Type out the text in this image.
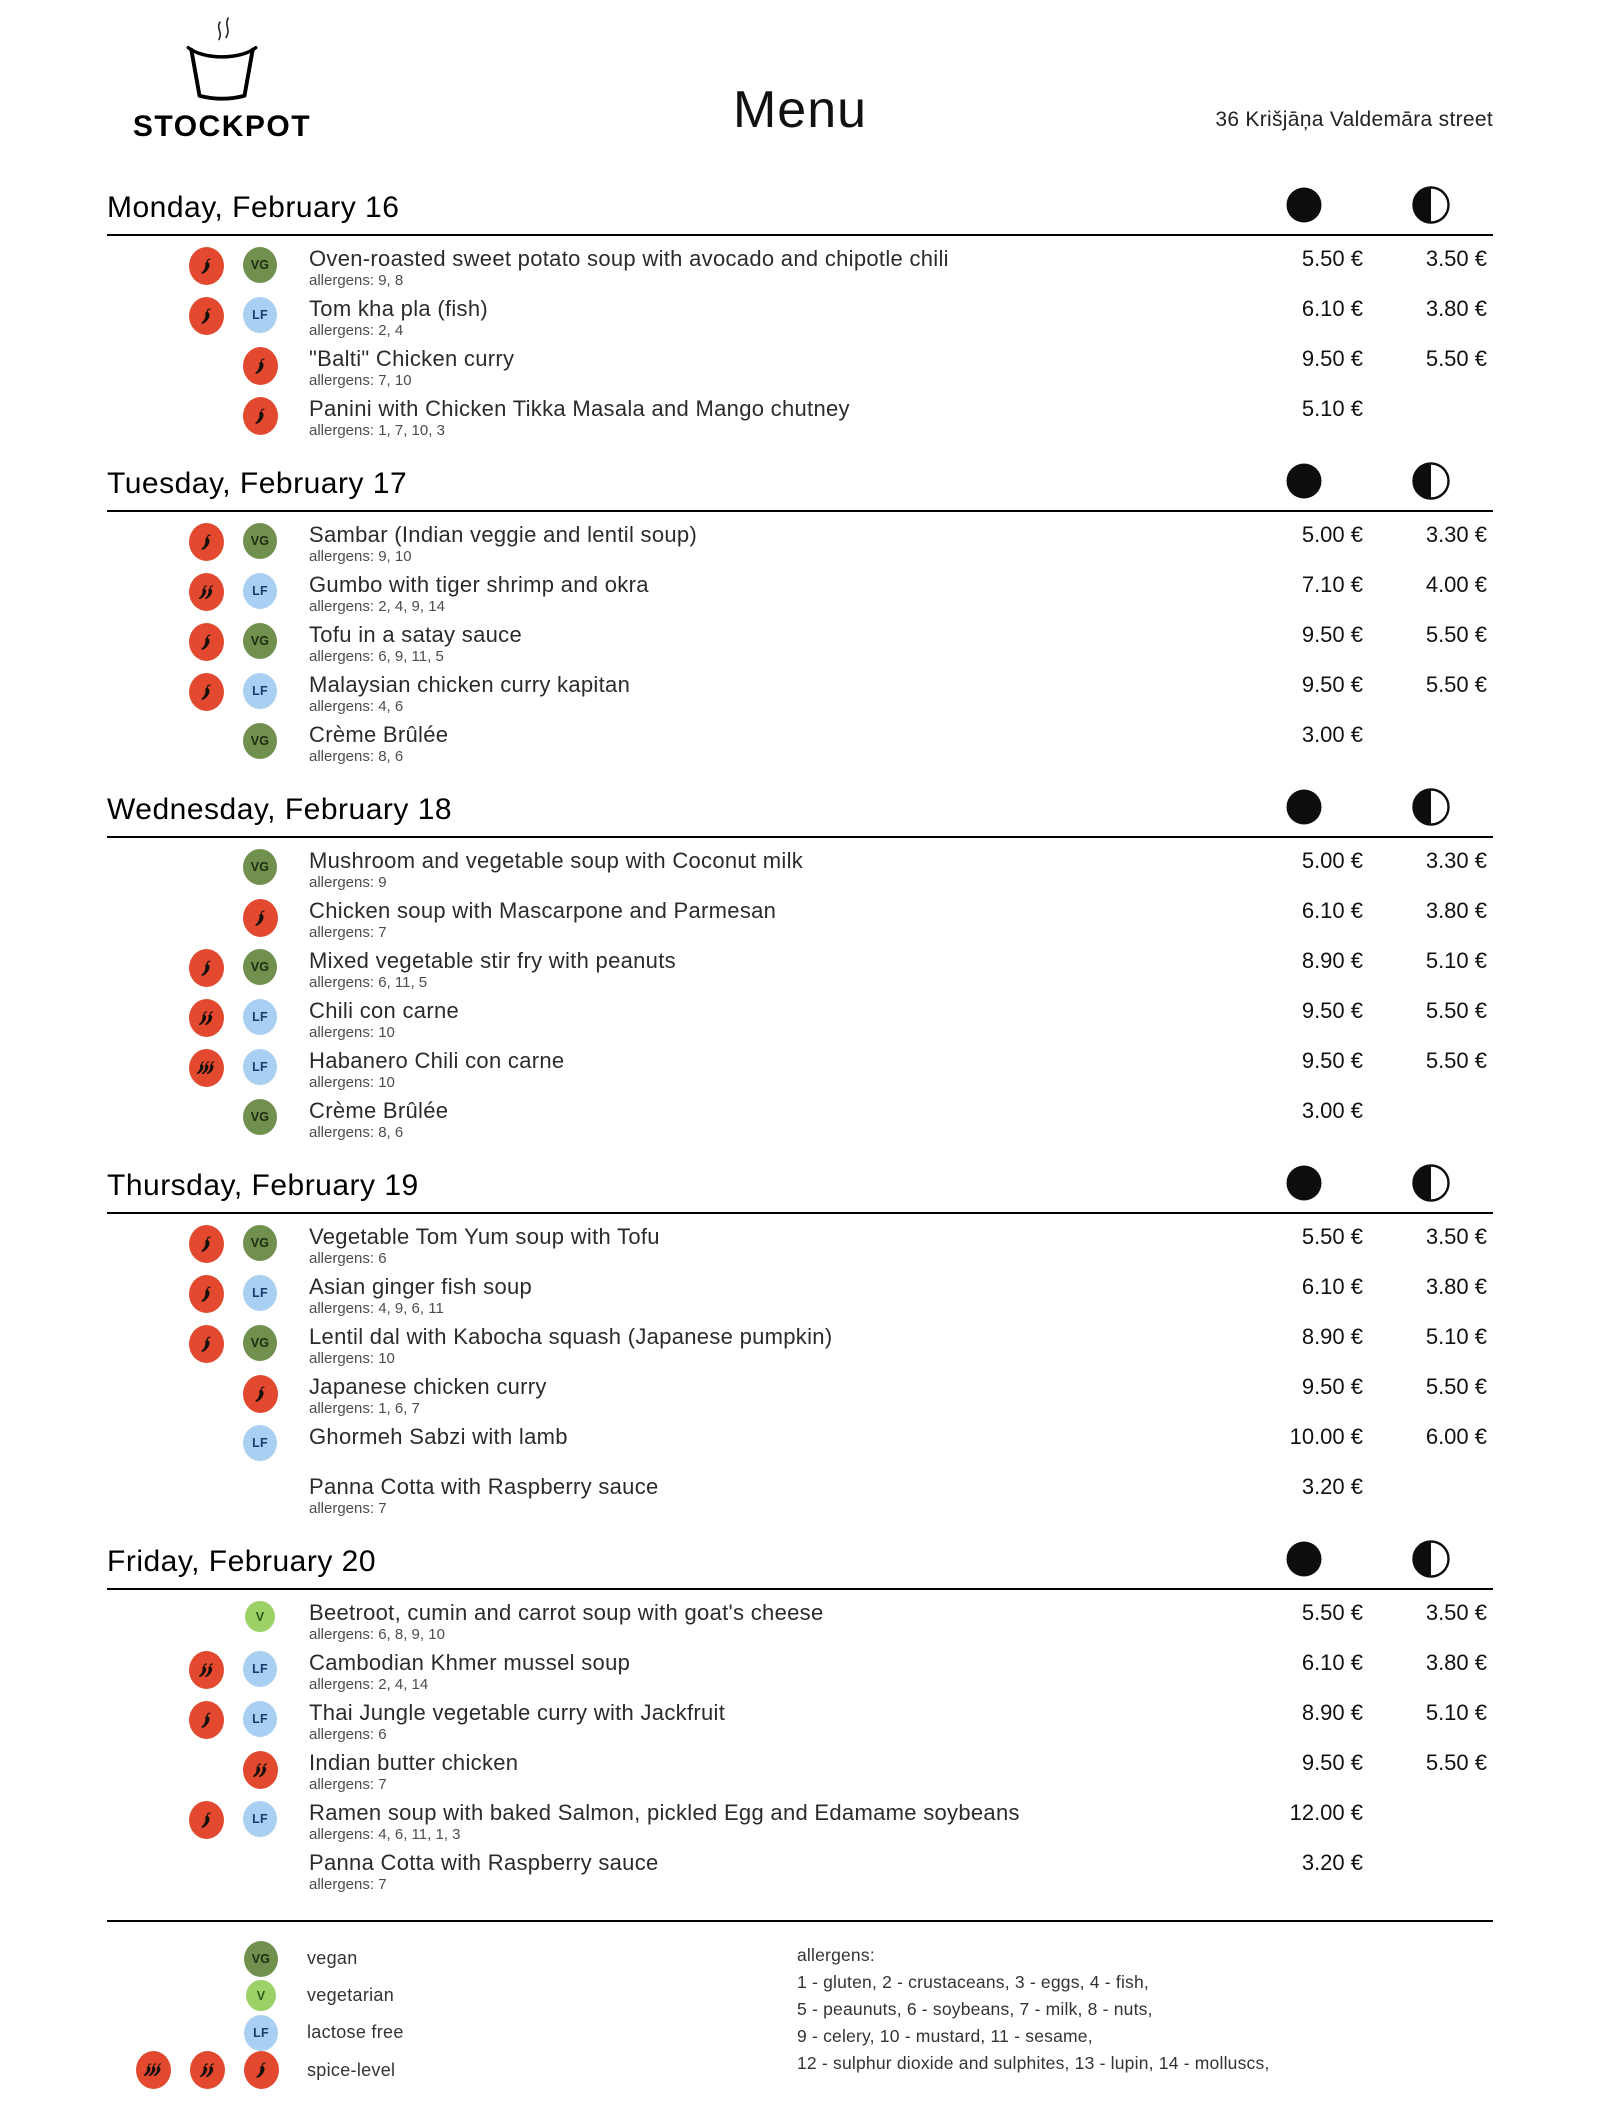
STOCKPOT	Menu	36 Krišjāņa Valdemāra street
Monday, February 16
VG	Oven-roasted sweet potato soup with avocado and chipotle chili
allergens: 9, 8
5.50 €	3.50 €
LF	Tom kha pla (fish)
allergens: 2, 4
6.10 €	3.80 €
"Balti" Chicken curry
allergens: 7, 10
9.50 €	5.50 €
Panini with Chicken Tikka Masala and Mango chutney
allergens: 1, 7, 10, 3
5.10 €
Tuesday, February 17
VG	Sambar (Indian veggie and lentil soup)
allergens: 9, 10
5.00 €	3.30 €
LF	Gumbo with tiger shrimp and okra
allergens: 2, 4, 9, 14
7.10 €	4.00 €
VG	Tofu in a satay sauce
allergens: 6, 9, 11, 5
9.50 €	5.50 €
LF	Malaysian chicken curry kapitan
allergens: 4, 6
9.50 €	5.50 €
VG	Crème Brûlée
allergens: 8, 6
3.00 €
Wednesday, February 18
VG	Mushroom and vegetable soup with Coconut milk
allergens: 9
5.00 €	3.30 €
Chicken soup with Mascarpone and Parmesan
allergens: 7
6.10 €	3.80 €
VG	Mixed vegetable stir fry with peanuts
allergens: 6, 11, 5
8.90 €	5.10 €
LF	Chili con carne
allergens: 10
9.50 €	5.50 €
LF	Habanero Chili con carne
allergens: 10
9.50 €	5.50 €
VG	Crème Brûlée
allergens: 8, 6
3.00 €
Thursday, February 19
VG	Vegetable Tom Yum soup with Tofu
allergens: 6
5.50 €	3.50 €
LF	Asian ginger fish soup
allergens: 4, 9, 6, 11
6.10 €	3.80 €
VG	Lentil dal with Kabocha squash (Japanese pumpkin)
allergens: 10
8.90 €	5.10 €
Japanese chicken curry
allergens: 1, 6, 7
9.50 €	5.50 €
LF	Ghormeh Sabzi with lamb	10.00 €	6.00 €
Panna Cotta with Raspberry sauce
allergens: 7
3.20 €
Friday, February 20
V	Beetroot, cumin and carrot soup with goat's cheese
allergens: 6, 8, 9, 10
5.50 €	3.50 €
LF	Cambodian Khmer mussel soup
allergens: 2, 4, 14
6.10 €	3.80 €
LF	Thai Jungle vegetable curry with Jackfruit
allergens: 6
8.90 €	5.10 €
Indian butter chicken
allergens: 7
9.50 €	5.50 €
LF	Ramen soup with baked Salmon, pickled Egg and Edamame soybeans
allergens: 4, 6, 11, 1, 3
12.00 €
Panna Cotta with Raspberry sauce
allergens: 7
3.20 €
VG	vegan
V	vegetarian
LF	lactose free
spice-level
allergens:
1 - gluten, 2 - crustaceans, 3 - eggs, 4 - fish,
5 - peaunuts, 6 - soybeans, 7 - milk, 8 - nuts,
9 - celery, 10 - mustard, 11 - sesame,
12 - sulphur dioxide and sulphites, 13 - lupin, 14 - molluscs,
